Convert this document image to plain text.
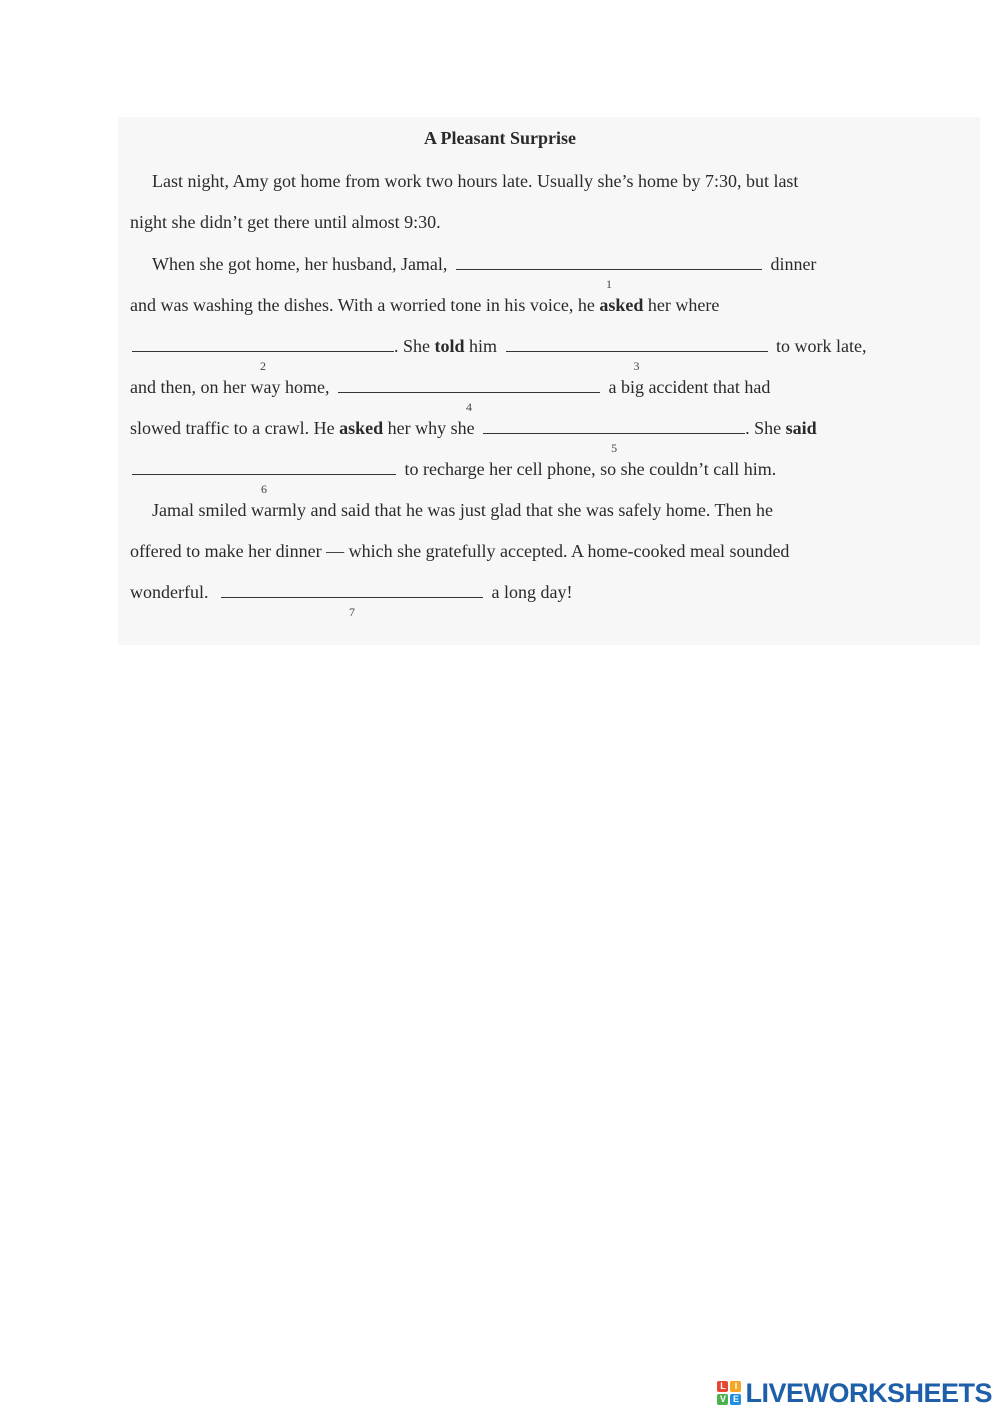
A Pleasant Surprise
Last night, Amy got home from work two hours late. Usually she’s home by 7:30, but last
night she didn’t get there until almost 9:30.
When she got home, her husband, Jamal,
1
dinner
and was washing the dishes. With a worried tone in his voice, he asked her where
2
. She told him
3
to work late,
and then, on her way home,
4
a big accident that had
slowed traffic to a crawl. He asked her why she
5
. She said
6
to recharge her cell phone, so she couldn’t call him.
Jamal smiled warmly and said that he was just glad that she was safely home. Then he
offered to make her dinner — which she gratefully accepted. A home-cooked meal sounded
wonderful.
7
a long day!
L I
V E LIVEWORKSHEETS
